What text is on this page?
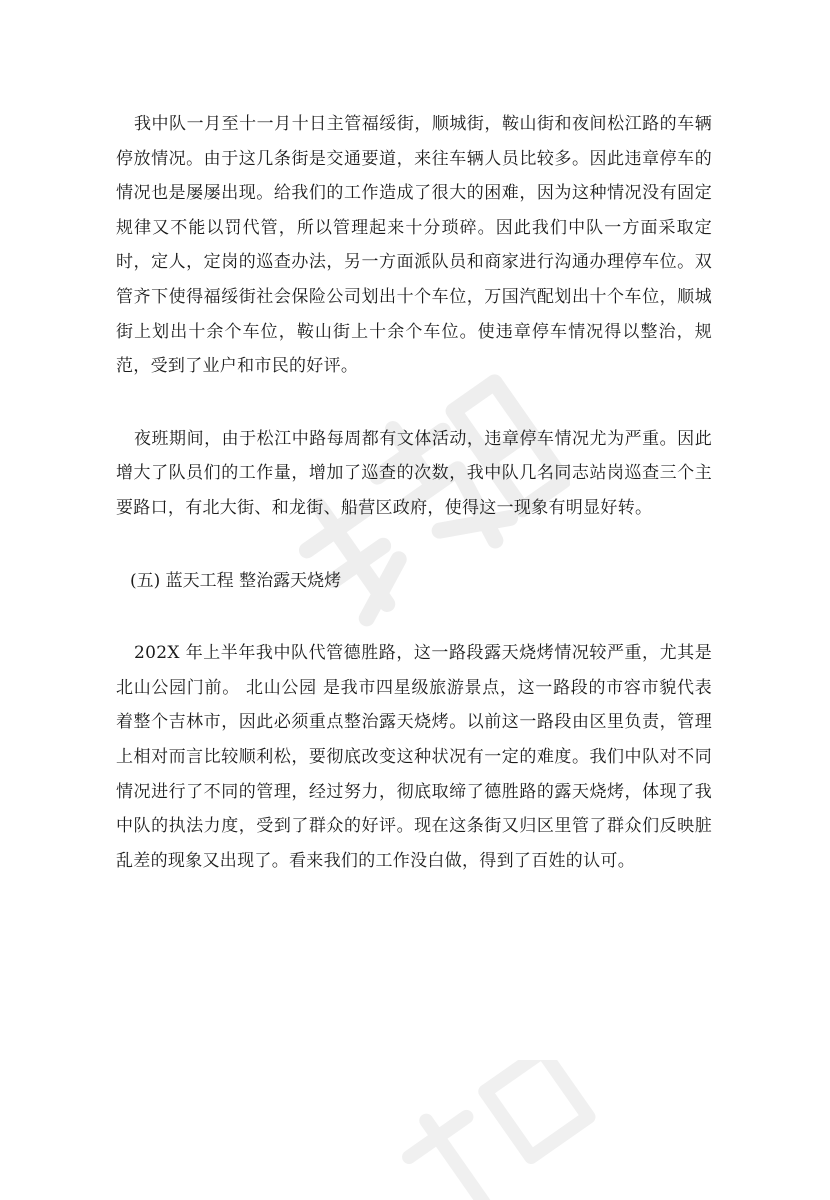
我中队一月至十一月十日主管福绥街，顺城街，鞍山街和夜间松江路的车辆停放情况。由于这几条街是交通要道，来往车辆人员比较多。因此违章停车的情况也是屡屡出现。给我们的工作造成了很大的困难，因为这种情况没有固定规律又不能以罚代管，所以管理起来十分琐碎。因此我们中队一方面采取定时，定人，定岗的巡查办法，另一方面派队员和商家进行沟通办理停车位。双管齐下使得福绥街社会保险公司划出十个车位，万国汽配划出十个车位，顺城街上划出十余个车位，鞍山街上十余个车位。使违章停车情况得以整治，规范，受到了业户和市民的好评。

夜班期间，由于松江中路每周都有文体活动，违章停车情况尤为严重。因此增大了队员们的工作量，增加了巡查的次数，我中队几名同志站岗巡查三个主要路口，有北大街、和龙街、船营区政府，使得这一现象有明显好转。

(五) 蓝天工程 整治露天烧烤

202X 年上半年我中队代管德胜路，这一路段露天烧烤情况较严重，尤其是北山公园门前。 北山公园 是我市四星级旅游景点，这一路段的市容市貌代表着整个吉林市，因此必须重点整治露天烧烤。以前这一路段由区里负责，管理上相对而言比较顺利松，要彻底改变这种状况有一定的难度。我们中队对不同情况进行了不同的管理，经过努力，彻底取缔了德胜路的露天烧烤，体现了我中队的执法力度，受到了群众的好评。现在这条街又归区里管了群众们反映脏乱差的现象又出现了。看来我们的工作没白做，得到了百姓的认可。
